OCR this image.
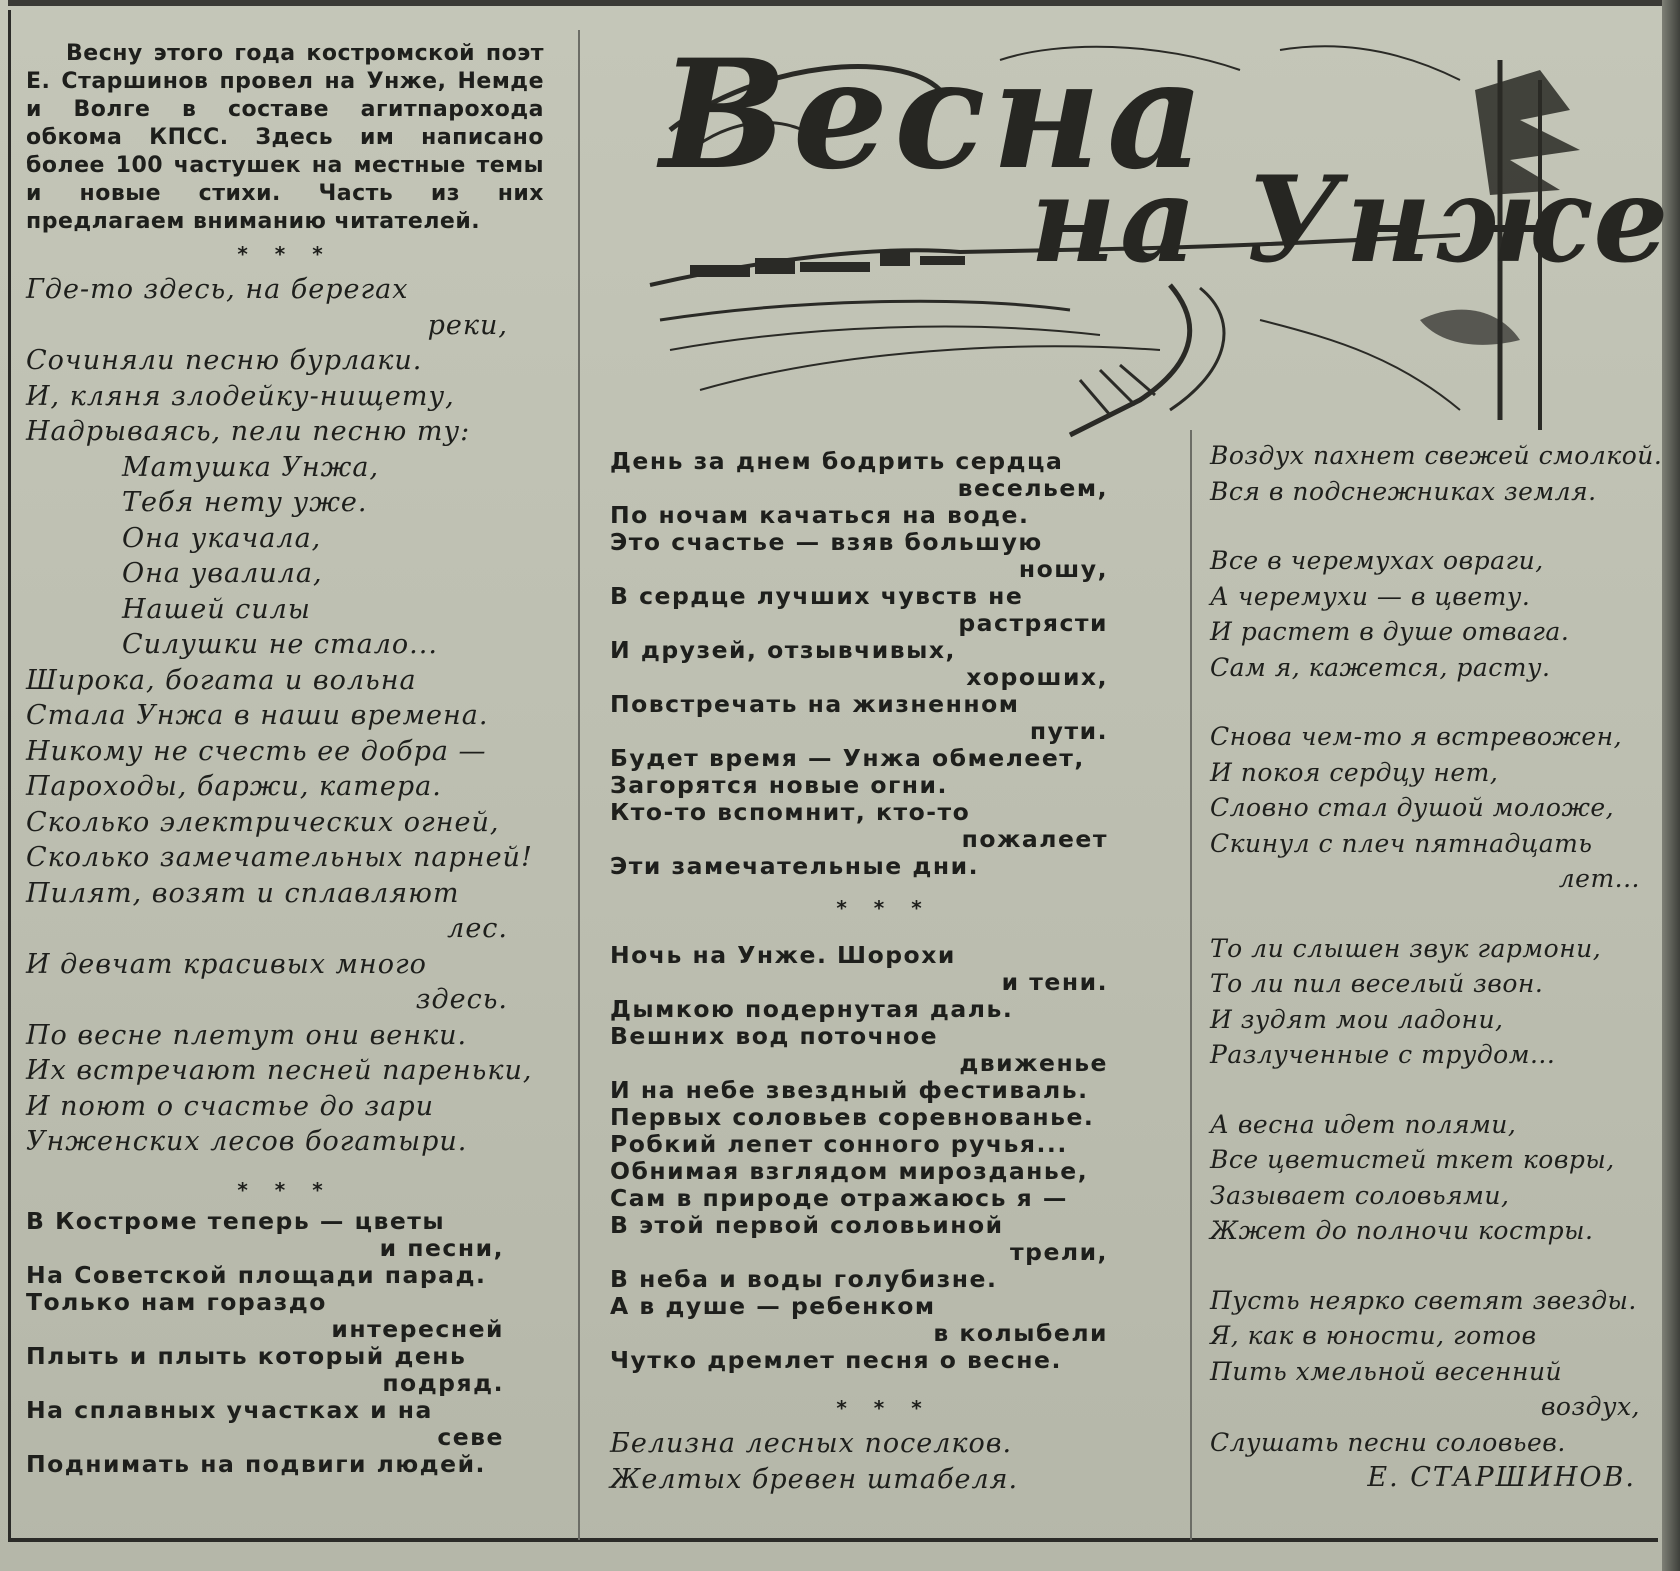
Весна
на Унже
Весну этого года костромской поэт Е. Старшинов провел на Унже, Немде и Волге в составе агитпарохода обкома КПСС. Здесь им написано более 100 частушек на местные темы и новые стихи. Часть из них предлагаем вниманию читателей.
* * *
Где-то здесь, на берегах
реки,
Сочиняли песню бурлаки.
И, кляня злодейку-нищету,
Надрываясь, пели песню ту:
Матушка Унжа,
Тебя нету уже.
Она укачала,
Она увалила,
Нашей силы
Силушки не стало...
Широка, богата и вольна
Стала Унжа в наши времена.
Никому не счесть ее добра —
Пароходы, баржи, катера.
Сколько электрических огней,
Сколько замечательных парней!
Пилят, возят и сплавляют
лес.
И девчат красивых много
здесь.
По весне плетут они венки.
Их встречают песней пареньки,
И поют о счастье до зари
Унженских лесов богатыри.
* * *
В Костроме теперь — цветы
и песни,
На Советской площади парад.
Только нам гораздо
интересней
Плыть и плыть который день
подряд.
На сплавных участках и на
севе
Поднимать на подвиги людей.
День за днем бодрить сердца
весельем,
По ночам качаться на воде.
Это счастье — взяв большую
ношу,
В сердце лучших чувств не
растрясти
И друзей, отзывчивых,
хороших,
Повстречать на жизненном
пути.
Будет время — Унжа обмелеет,
Загорятся новые огни.
Кто-то вспомнит, кто-то
пожалеет
Эти замечательные дни.
* * *
Ночь на Унже. Шорохи
и тени.
Дымкою подернутая даль.
Вешних вод поточное
движенье
И на небе звездный фестиваль.
Первых соловьев соревнованье.
Робкий лепет сонного ручья...
Обнимая взглядом мирозданье,
Сам в природе отражаюсь я —
В этой первой соловьиной
трели,
В неба и воды голубизне.
А в душе — ребенком
в колыбели
Чутко дремлет песня о весне.
* * *
Белизна лесных поселков.
Желтых бревен штабеля.
Воздух пахнет свежей смолкой.
Вся в подснежниках земля.
Все в черемухах овраги,
А черемухи — в цвету.
И растет в душе отвага.
Сам я, кажется, расту.
Снова чем-то я встревожен,
И покоя сердцу нет,
Словно стал душой моложе,
Скинул с плеч пятнадцать
лет...
То ли слышен звук гармони,
То ли пил веселый звон.
И зудят мои ладони,
Разлученные с трудом...
А весна идет полями,
Все цветистей ткет ковры,
Зазывает соловьями,
Жжет до полночи костры.
Пусть неярко светят звезды.
Я, как в юности, готов
Пить хмельной весенний
воздух,
Слушать песни соловьев.
Е. СТАРШИНОВ.
